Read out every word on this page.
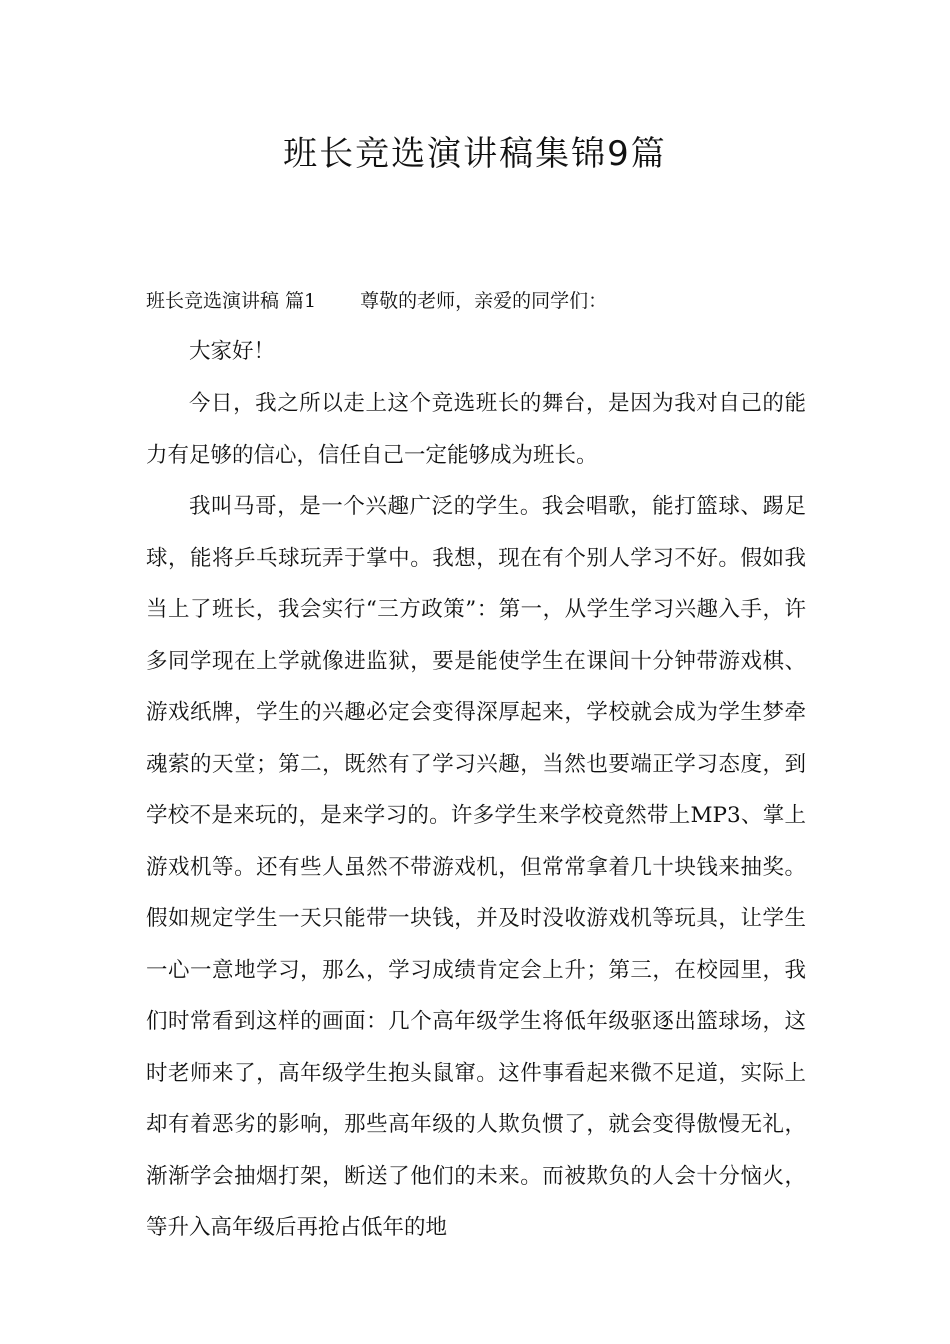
班长竞选演讲稿集锦9篇

班长竞选演讲稿 篇1 尊敬的老师，亲爱的同学们：

大家好！

今日，我之所以走上这个竞选班长的舞台，是因为我对自己的能力有足够的信心，信任自己一定能够成为班长。

我叫马哥，是一个兴趣广泛的学生。我会唱歌，能打篮球、踢足球，能将乒乓球玩弄于掌中。我想，现在有个别人学习不好。假如我当上了班长，我会实行“三方政策”：第一，从学生学习兴趣入手，许多同学现在上学就像进监狱，要是能使学生在课间十分钟带游戏棋、游戏纸牌，学生的兴趣必定会变得深厚起来，学校就会成为学生梦牵魂萦的天堂；第二，既然有了学习兴趣，当然也要端正学习态度，到学校不是来玩的，是来学习的。许多学生来学校竟然带上MP3、掌上游戏机等。还有些人虽然不带游戏机，但常常拿着几十块钱来抽奖。假如规定学生一天只能带一块钱，并及时没收游戏机等玩具，让学生一心一意地学习，那么，学习成绩肯定会上升；第三，在校园里，我们时常看到这样的画面：几个高年级学生将低年级驱逐出篮球场，这时老师来了，高年级学生抱头鼠窜。这件事看起来微不足道，实际上却有着恶劣的影响，那些高年级的人欺负惯了，就会变得傲慢无礼，渐渐学会抽烟打架，断送了他们的未来。而被欺负的人会十分恼火，等升入高年级后再抢占低年的地
